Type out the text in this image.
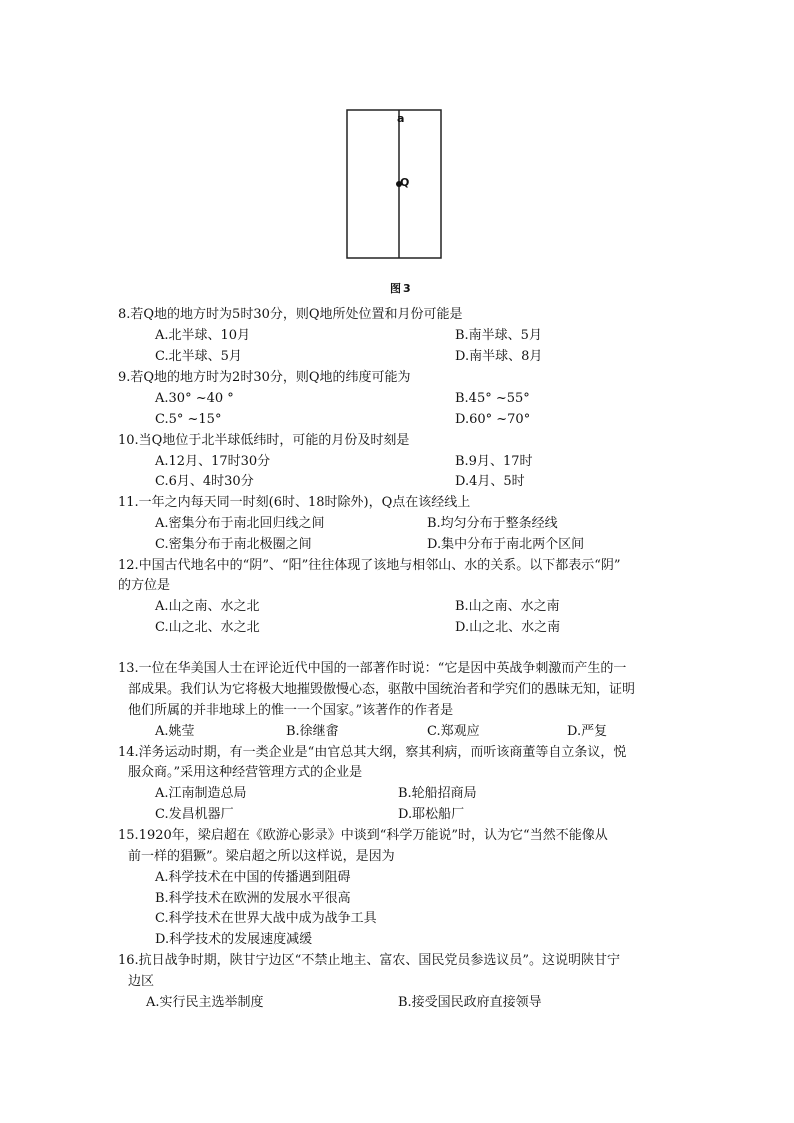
a
Q
图3
8.若Q地的地方时为5时30分，则Q地所处位置和月份可能是
A.北半球、10月	B.南半球、5月
C.北半球、5月	D.南半球、8月
9.若Q地的地方时为2时30分，则Q地的纬度可能为
A.30° ~40 °	B.45° ~55°
C.5° ~15°	D.60° ~70°
10.当Q地位于北半球低纬时，可能的月份及时刻是
A.12月、17时30分	B.9月、17时
C.6月、4时30分	D.4月、5时
11.一年之内每天同一时刻(6时、18时除外)，Q点在该经线上
A.密集分布于南北回归线之间	B.均匀分布于整条经线
C.密集分布于南北极圈之间	D.集中分布于南北两个区间
12.中国古代地名中的“阴”、“阳”往往体现了该地与相邻山、水的关系。以下都表示“阴”
的方位是
A.山之南、水之北	B.山之南、水之南
C.山之北、水之北	D.山之北、水之南
13.一位在华美国人士在评论近代中国的一部著作时说：“它是因中英战争刺激而产生的一
部成果。我们认为它将极大地摧毁傲慢心态，驱散中国统治者和学究们的愚昧无知，证明
他们所属的并非地球上的惟一一个国家。”该著作的作者是
A.姚莹	B.徐继畬	C.郑观应	D.严复
14.洋务运动时期，有一类企业是“由官总其大纲，察其利病，而听该商董等自立条议，悦
服众商。”采用这种经营管理方式的企业是
A.江南制造总局	B.轮船招商局
C.发昌机器厂	D.耶松船厂
15.1920年，梁启超在《欧游心影录》中谈到“科学万能说”时，认为它“当然不能像从
前一样的猖獗”。梁启超之所以这样说，是因为
A.科学技术在中国的传播遇到阻碍
B.科学技术在欧洲的发展水平很高
C.科学技术在世界大战中成为战争工具
D.科学技术的发展速度减缓
16.抗日战争时期，陕甘宁边区“不禁止地主、富农、国民党员参选议员”。这说明陕甘宁
边区
A.实行民主选举制度	B.接受国民政府直接领导
